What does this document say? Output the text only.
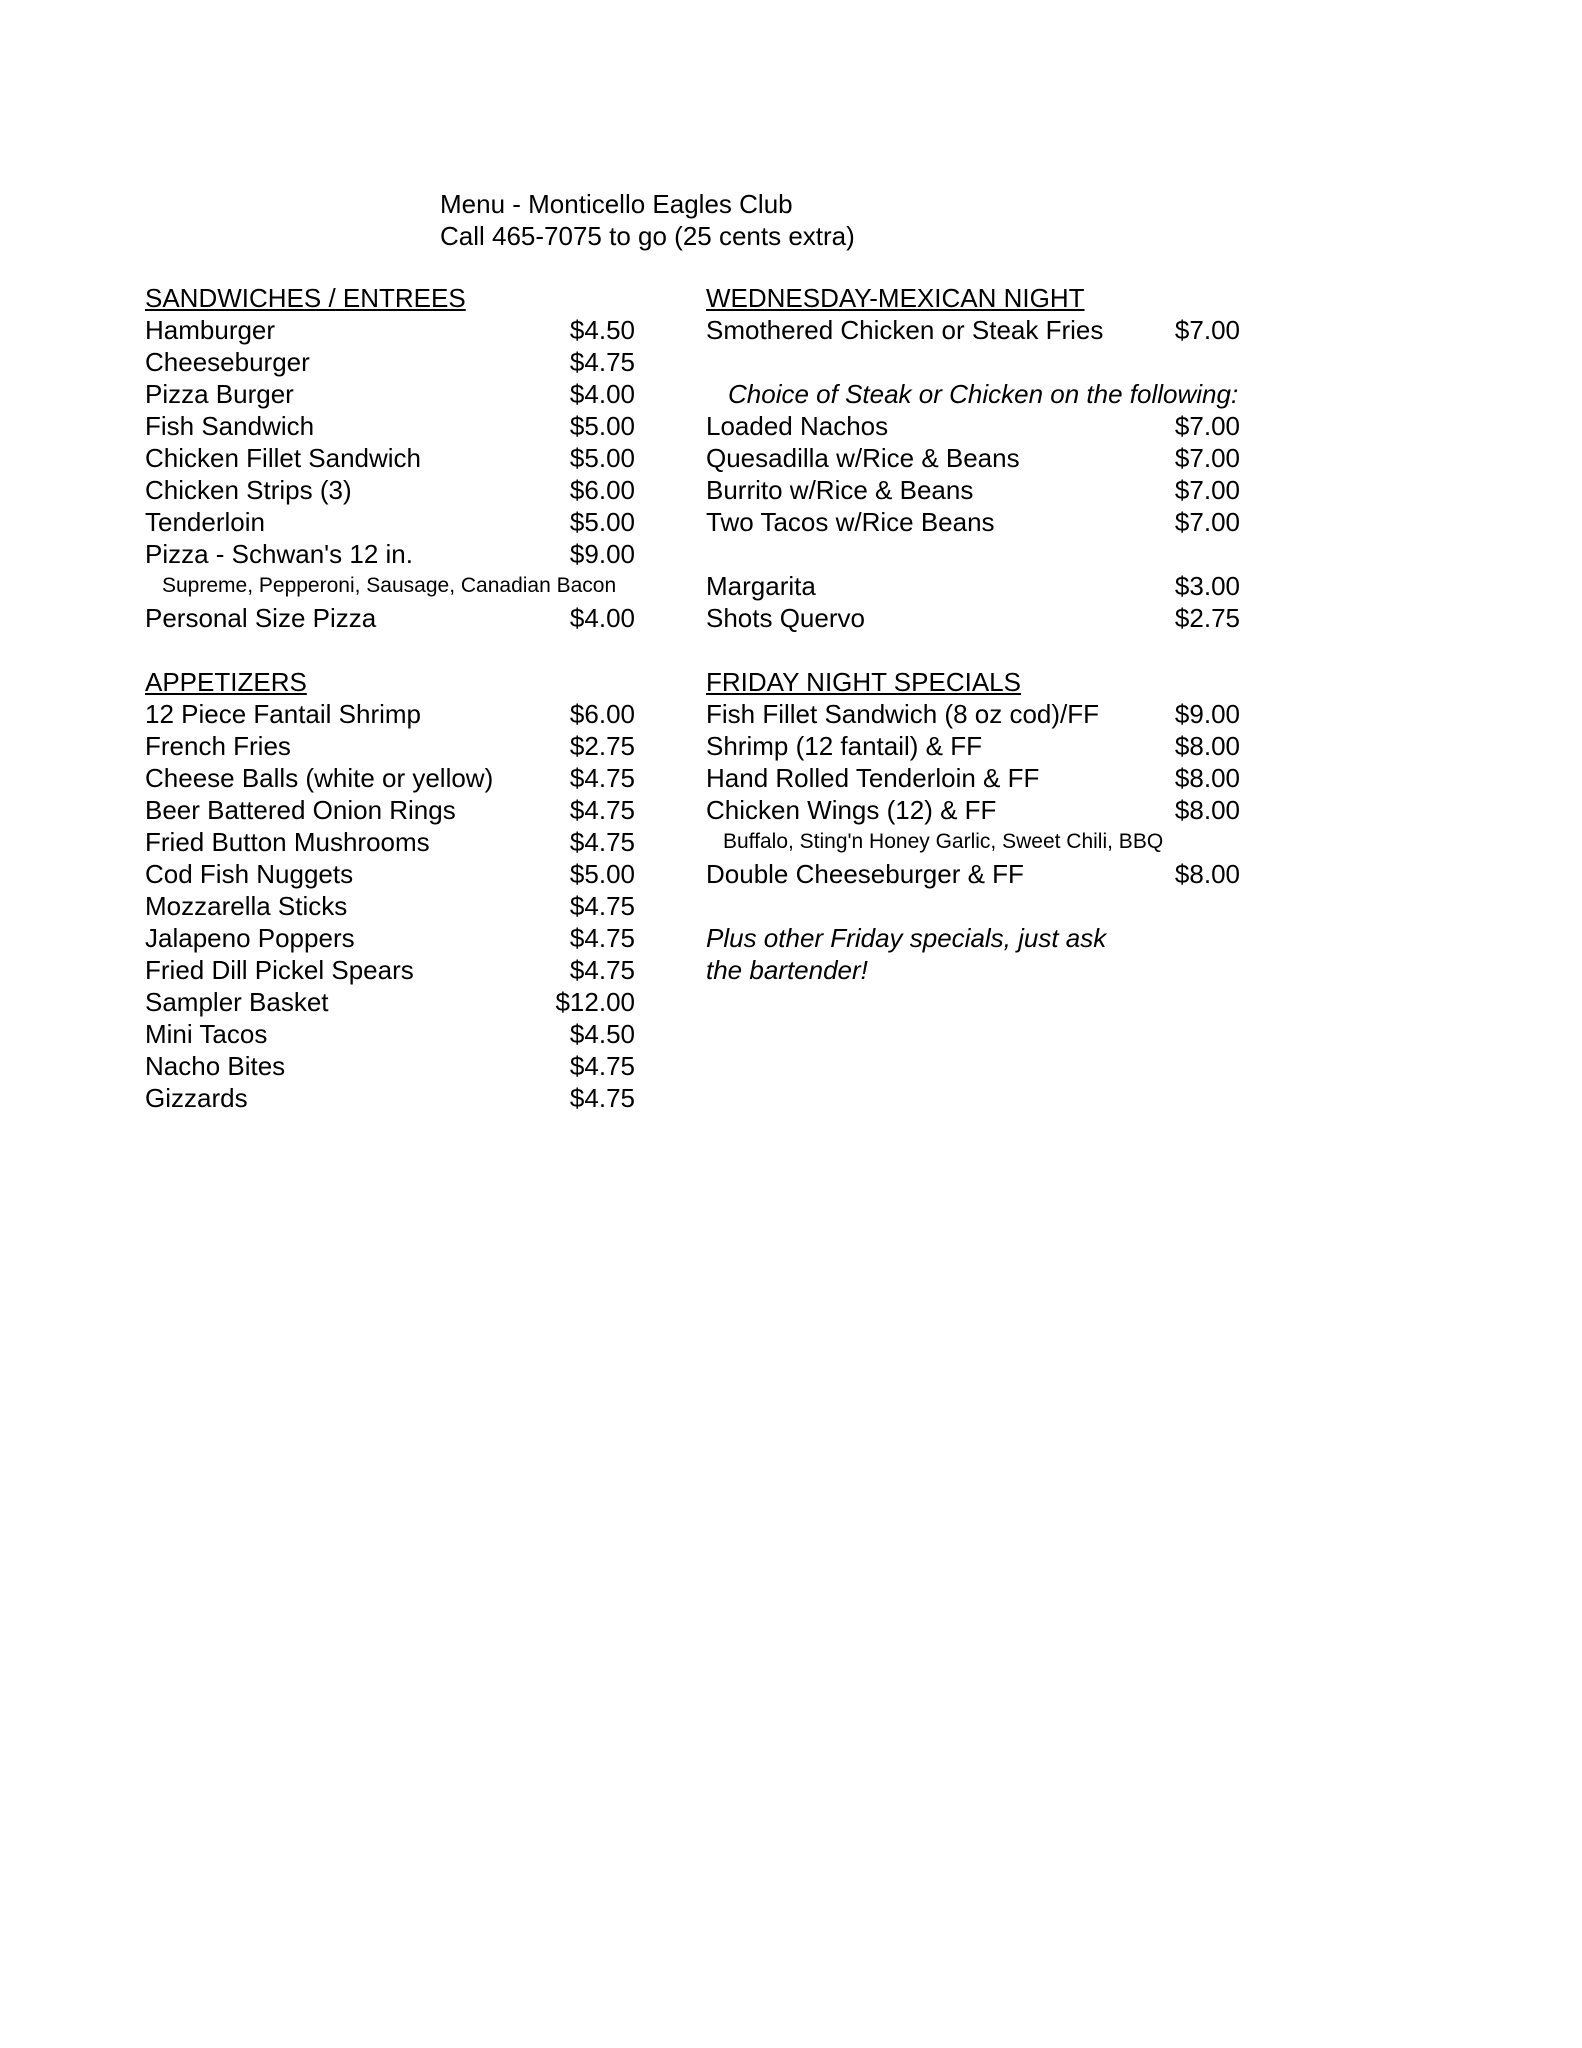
Menu - Monticello Eagles Club
Call 465-7075 to go (25 cents extra)
SANDWICHES / ENTREES
Hamburger	$4.50
Cheeseburger	$4.75
Pizza Burger	$4.00
Fish Sandwich	$5.00
Chicken Fillet Sandwich	$5.00
Chicken Strips (3)	$6.00
Tenderloin	$5.00
Pizza - Schwan's 12 in.	$9.00
Supreme, Pepperoni, Sausage, Canadian Bacon
Personal Size Pizza	$4.00
APPETIZERS
12 Piece Fantail Shrimp	$6.00
French Fries	$2.75
Cheese Balls (white or yellow)	$4.75
Beer Battered Onion Rings	$4.75
Fried Button Mushrooms	$4.75
Cod Fish Nuggets	$5.00
Mozzarella Sticks	$4.75
Jalapeno Poppers	$4.75
Fried Dill Pickel Spears	$4.75
Sampler Basket	$12.00
Mini Tacos	$4.50
Nacho Bites	$4.75
Gizzards	$4.75
WEDNESDAY-MEXICAN NIGHT
Smothered Chicken or Steak Fries	$7.00
Choice of Steak or Chicken on the following:
Loaded Nachos	$7.00
Quesadilla w/Rice & Beans	$7.00
Burrito w/Rice & Beans	$7.00
Two Tacos w/Rice Beans	$7.00
Margarita	$3.00
Shots Quervo	$2.75
FRIDAY NIGHT SPECIALS
Fish Fillet Sandwich (8 oz cod)/FF	$9.00
Shrimp (12 fantail) & FF	$8.00
Hand Rolled Tenderloin & FF	$8.00
Chicken Wings (12) & FF	$8.00
Buffalo, Sting'n Honey Garlic, Sweet Chili, BBQ
Double Cheeseburger & FF	$8.00
Plus other Friday specials, just ask
the bartender!
